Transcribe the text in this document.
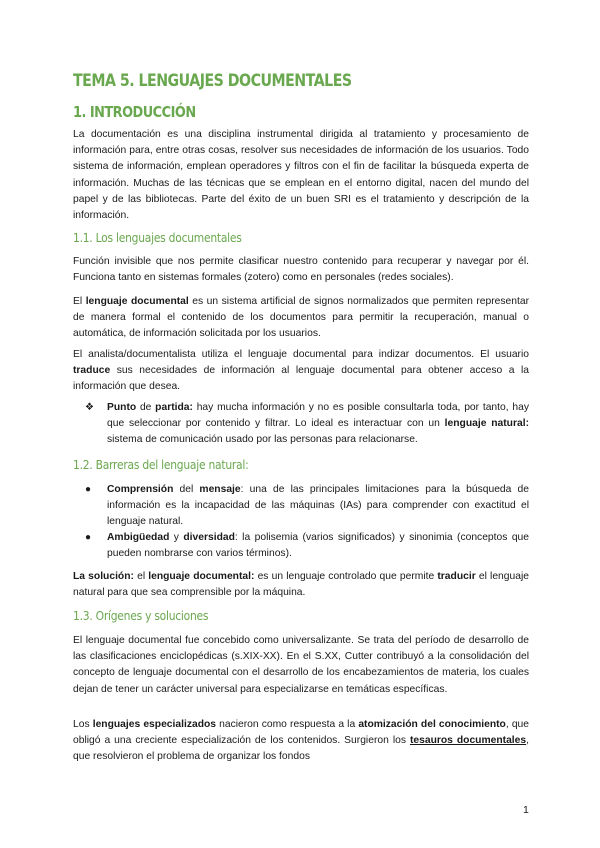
TEMA 5. LENGUAJES DOCUMENTALES
1. INTRODUCCIÓN
La documentación es una disciplina instrumental dirigida al tratamiento y procesamiento de información para, entre otras cosas, resolver sus necesidades de información de los usuarios. Todo sistema de información, emplean operadores y filtros con el fin de facilitar la búsqueda experta de información. Muchas de las técnicas que se emplean en el entorno digital, nacen del mundo del papel y de las bibliotecas. Parte del éxito de un buen SRI es el tratamiento y descripción de la información.
1.1. Los lenguajes documentales
Función invisible que nos permite clasificar nuestro contenido para recuperar y navegar por él. Funciona tanto en sistemas formales (zotero) como en personales (redes sociales).
El lenguaje documental es un sistema artificial de signos normalizados que permiten representar de manera formal el contenido de los documentos para permitir la recuperación, manual o automática, de información solicitada por los usuarios.
El analista/documentalista utiliza el lenguaje documental para indizar documentos. El usuario traduce sus necesidades de información al lenguaje documental para obtener acceso a la información que desea.
❖ Punto de partida: hay mucha información y no es posible consultarla toda, por tanto, hay que seleccionar por contenido y filtrar. Lo ideal es interactuar con un lenguaje natural: sistema de comunicación usado por las personas para relacionarse.
1.2. Barreras del lenguaje natural:
● Comprensión del mensaje: una de las principales limitaciones para la búsqueda de información es la incapacidad de las máquinas (IAs) para comprender con exactitud el lenguaje natural.
● Ambigüedad y diversidad: la polisemia (varios significados) y sinonimia (conceptos que pueden nombrarse con varios términos).
La solución: el lenguaje documental: es un lenguaje controlado que permite traducir el lenguaje natural para que sea comprensible por la máquina.
1.3. Orígenes y soluciones
El lenguaje documental fue concebido como universalizante. Se trata del período de desarrollo de las clasificaciones enciclopédicas (s.XIX-XX). En el S.XX, Cutter contribuyó a la consolidación del concepto de lenguaje documental con el desarrollo de los encabezamientos de materia, los cuales dejan de tener un carácter universal para especializarse en temáticas específicas.
Los lenguajes especializados nacieron como respuesta a la atomización del conocimiento, que obligó a una creciente especialización de los contenidos. Surgieron los tesauros documentales, que resolvieron el problema de organizar los fondos
1
